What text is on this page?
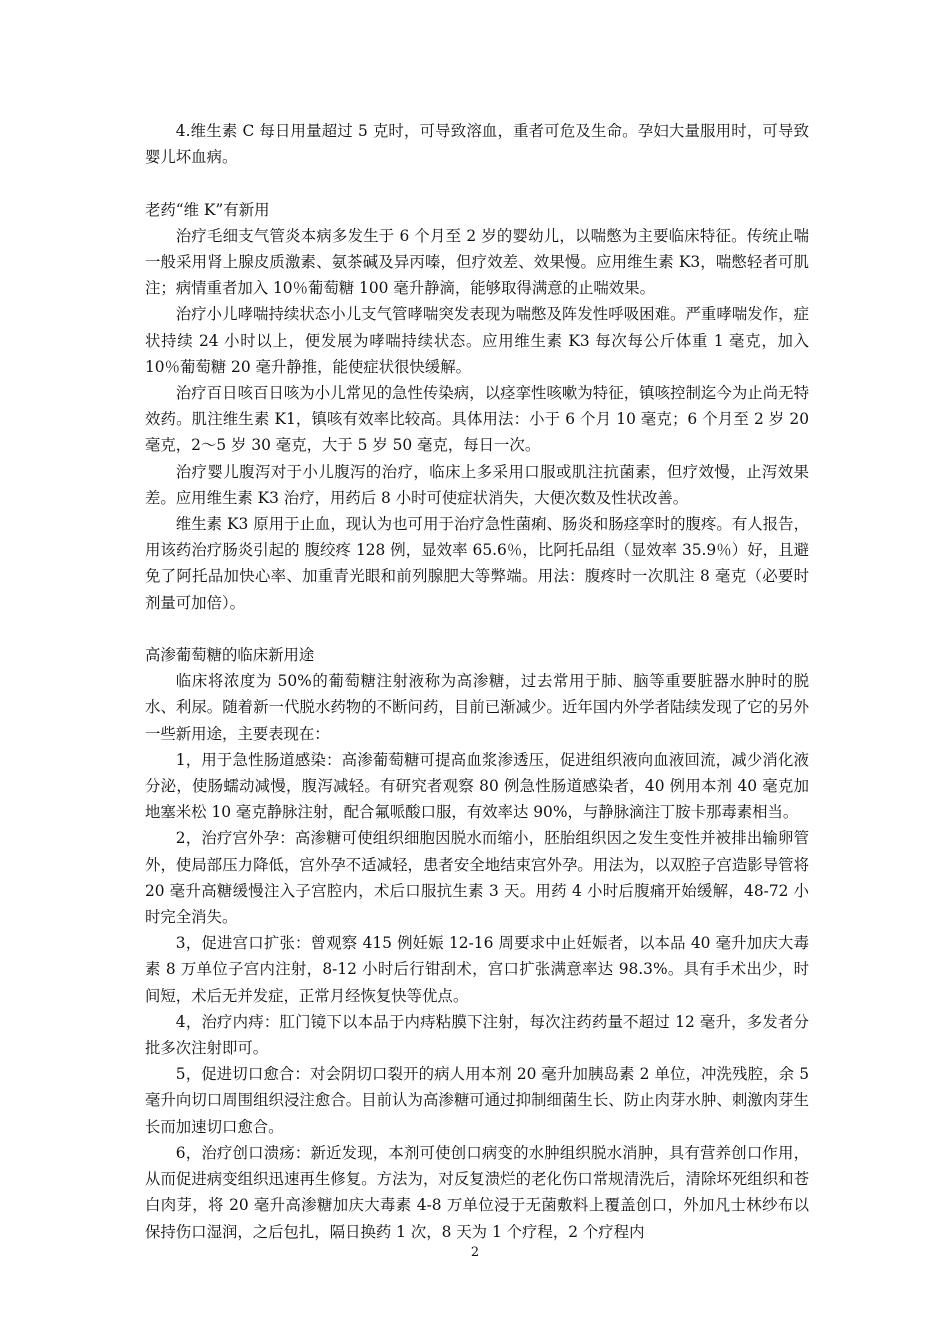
4.维生素 C 每日用量超过 5 克时，可导致溶血，重者可危及生命。孕妇大量服用时，可导致婴儿坏血病。

老药“维 K”有新用

治疗毛细支气管炎本病多发生于 6 个月至 2 岁的婴幼儿，以喘憋为主要临床特征。传统止喘一般采用肾上腺皮质激素、氨茶碱及异丙嗪，但疗效差、效果慢。应用维生素 K3，喘憋轻者可肌注；病情重者加入 10％葡萄糖 100 毫升静滴，能够取得满意的止喘效果。

治疗小儿哮喘持续状态小儿支气管哮喘突发表现为喘憋及阵发性呼吸困难。严重哮喘发作，症状持续 24 小时以上，便发展为哮喘持续状态。应用维生素 K3 每次每公斤体重 1 毫克，加入 10％葡萄糖 20 毫升静推，能使症状很快缓解。

治疗百日咳百日咳为小儿常见的急性传染病，以痉挛性咳嗽为特征，镇咳控制迄今为止尚无特效药。肌注维生素 K1，镇咳有效率比较高。具体用法：小于 6 个月 10 毫克；6 个月至 2 岁 20 毫克，2～5 岁 30 毫克，大于 5 岁 50 毫克，每日一次。

治疗婴儿腹泻对于小儿腹泻的治疗，临床上多采用口服或肌注抗菌素，但疗效慢，止泻效果差。应用维生素 K3 治疗，用药后 8 小时可使症状消失，大便次数及性状改善。

维生素 K3 原用于止血，现认为也可用于治疗急性菌痢、肠炎和肠痉挛时的腹疼。有人报告，用该药治疗肠炎引起的 腹绞疼 128 例，显效率 65.6％，比阿托品组（显效率 35.9％）好，且避免了阿托品加快心率、加重青光眼和前列腺肥大等弊端。用法：腹疼时一次肌注 8 毫克（必要时剂量可加倍）。

高渗葡萄糖的临床新用途

临床将浓度为 50%的葡萄糖注射液称为高渗糖，过去常用于肺、脑等重要脏器水肿时的脱水、利尿。随着新一代脱水药物的不断问药，目前已渐减少。近年国内外学者陆续发现了它的另外一些新用途，主要表现在：

1，用于急性肠道感染：高渗葡萄糖可提高血浆渗透压，促进组织液向血液回流，减少消化液分泌，使肠蠕动减慢，腹泻减轻。有研究者观察 80 例急性肠道感染者，40 例用本剂 40 毫克加地塞米松 10 毫克静脉注射，配合氟哌酸口服，有效率达 90%，与静脉滴注丁胺卡那毒素相当。

2，治疗宫外孕：高渗糖可使组织细胞因脱水而缩小，胚胎组织因之发生变性并被排出输卵管外，使局部压力降低，宫外孕不适减轻，患者安全地结束宫外孕。用法为，以双腔子宫造影导管将 20 毫升高糖缓慢注入子宫腔内，术后口服抗生素 3 天。用药 4 小时后腹痛开始缓解，48-72 小时完全消失。

3，促进宫口扩张：曾观察 415 例妊娠 12-16 周要求中止妊娠者，以本品 40 毫升加庆大毒素 8 万单位子宫内注射，8-12 小时后行钳刮术，宫口扩张满意率达 98.3%。具有手术出少，时间短，术后无并发症，正常月经恢复快等优点。

4，治疗内痔：肛门镜下以本品于内痔粘膜下注射，每次注药药量不超过 12 毫升，多发者分批多次注射即可。

5，促进切口愈合：对会阴切口裂开的病人用本剂 20 毫升加胰岛素 2 单位，冲洗残腔，余 5 毫升向切口周围组织浸注愈合。目前认为高渗糖可通过抑制细菌生长、防止肉芽水肿、刺激肉芽生长而加速切口愈合。

6，治疗创口溃疡：新近发现，本剂可使创口病变的水肿组织脱水消肿，具有营养创口作用，从而促进病变组织迅速再生修复。方法为，对反复溃烂的老化伤口常规清洗后，清除坏死组织和苍白肉芽，将 20 毫升高渗糖加庆大毒素 4-8 万单位浸于无菌敷料上覆盖创口，外加凡士林纱布以保持伤口湿润，之后包扎，隔日换药 1 次，8 天为 1 个疗程，2 个疗程内

2
